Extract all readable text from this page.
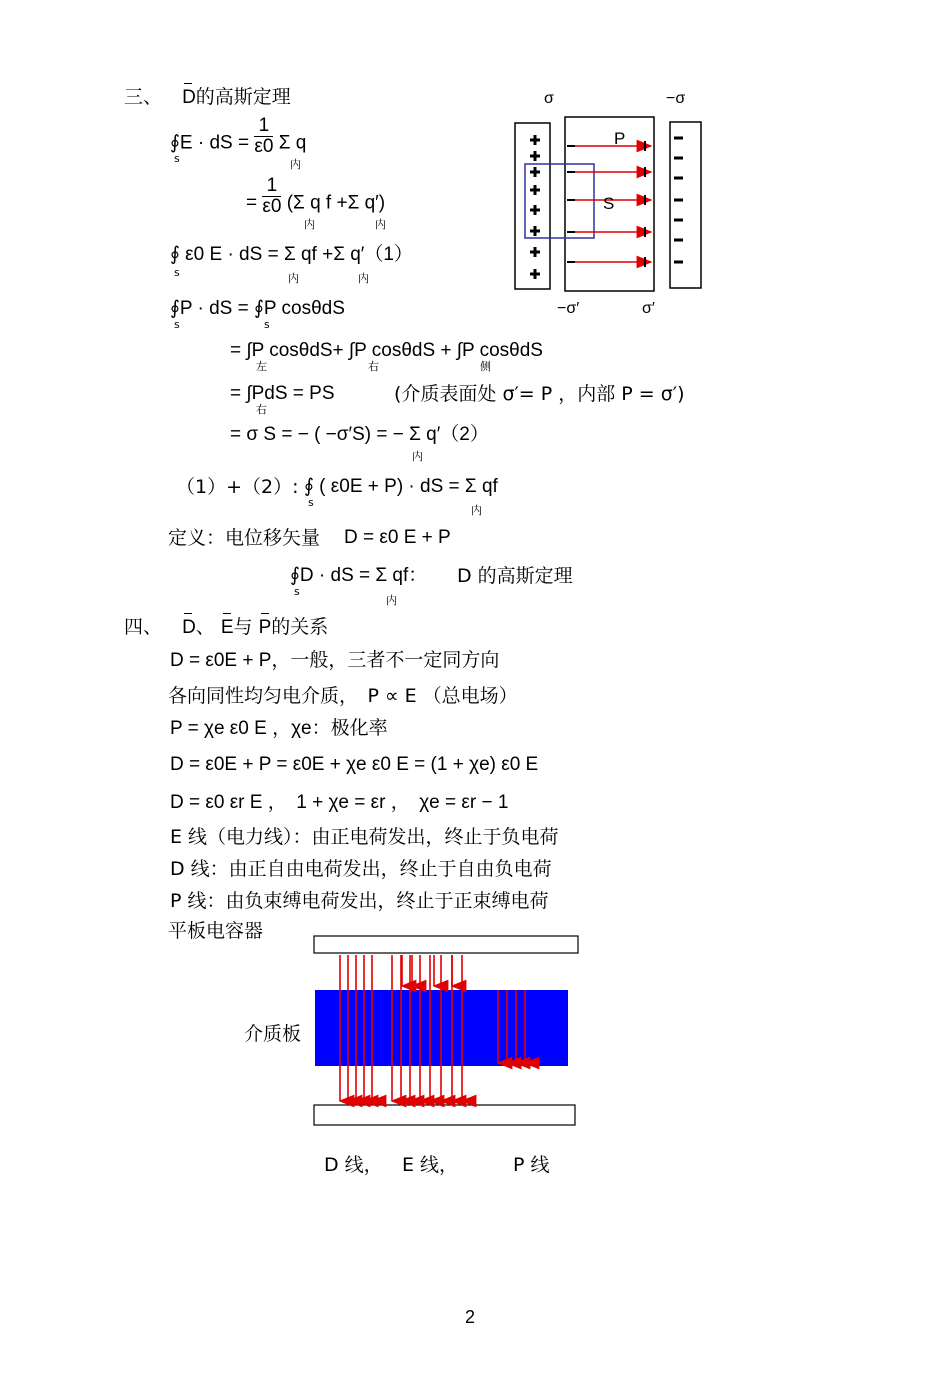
三、 D的高斯定理
∮E · dS = $\frac{1}{\varepsilon 0}$ Σ q
s	内
= $\frac{1}{\varepsilon 0} (\Sigma$ q f +Σ q′)
内	内
∮ ε0 E · dS = Σ qf +Σ q′（1）
s	内	内
∮P · dS = ∮P cosθdS
s	s
= ∫P cosθdS+ ∫P cosθdS + ∫P cosθdS
左	右	侧
= ∫PdS = PS
右
(介质表面处 σ′= P ，内部 P = σ′)
= σ S = − ( −σ′S) = − Σ q′（2）
内
（1）+（2）: ∮ ( ε0E + P) · dS = Σ qf
s
内
定义：电位移矢量 D = ε0 E + P
∮D · dS = Σ qf：
s
内
D 的高斯定理
σ	−σ
P
S
−σ′	σ′
四、 D、 E与 P的关系
D = ε0E + P，一般，三者不一定同方向
各向同性均匀电介质，　P ∝ E （总电场）
P = χe ε0 E ，χe：极化率
D = ε0E + P = ε0E + χe ε0 E = (1 + χe) ε0 E
D = ε0 εr E ，　1 + χe = εr ，　χe = εr − 1
E 线（电力线）：由正电荷发出，终止于负电荷
D 线：由正自由电荷发出，终止于自由负电荷
P 线：由负束缚电荷发出，终止于正束缚电荷
平板电容器
介质板
D 线， E 线，	P 线
2
